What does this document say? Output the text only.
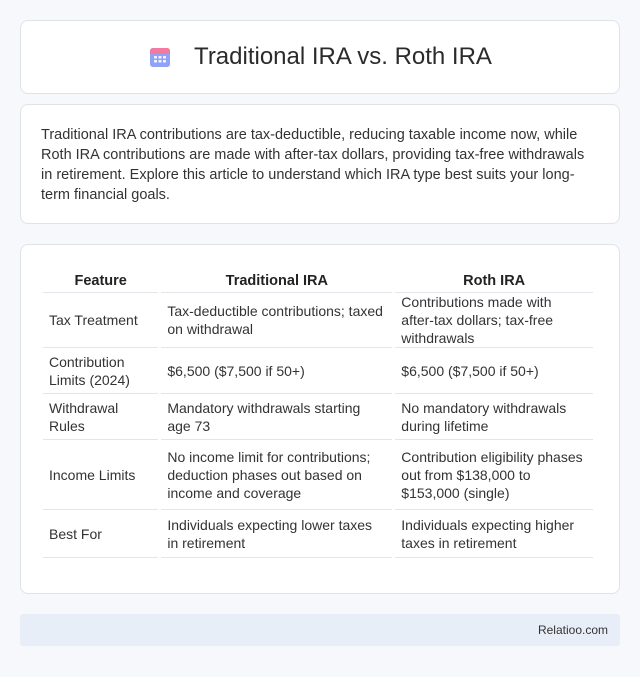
Traditional IRA vs. Roth IRA

Traditional IRA contributions are tax-deductible, reducing taxable income now, while Roth IRA contributions are made with after-tax dollars, providing tax-free withdrawals in retirement. Explore this article to understand which IRA type best suits your long-term financial goals.

Feature	Traditional IRA	Roth IRA
Tax Treatment	Tax-deductible contributions; taxed on withdrawal	Contributions made with after-tax dollars; tax-free withdrawals
Contribution Limits (2024)	$6,500 ($7,500 if 50+)	$6,500 ($7,500 if 50+)
Withdrawal Rules	Mandatory withdrawals starting age 73	No mandatory withdrawals during lifetime
Income Limits	No income limit for contributions; deduction phases out based on income and coverage	Contribution eligibility phases out from $138,000 to $153,000 (single)
Best For	Individuals expecting lower taxes in retirement	Individuals expecting higher taxes in retirement
Relatioo.com
